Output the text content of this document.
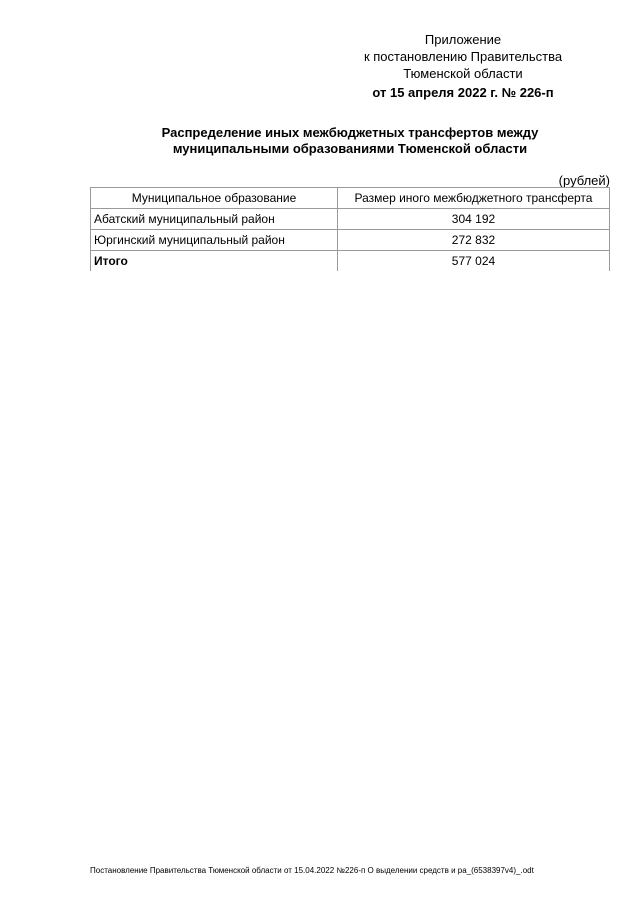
Приложение
к постановлению Правительства
Тюменской области
от 15 апреля 2022 г. № 226-п
Распределение иных межбюджетных трансфертов между
муниципальными образованиями Тюменской области
(рублей)
Муниципальное образование	Размер иного межбюджетного трансферта
Абатский муниципальный район	304 192
Юргинский муниципальный район	272 832
Итого	577 024
Постановление Правительства Тюменской области от 15.04.2022 №226-п О выделении средств и ра_(6538397v4)_.odt
